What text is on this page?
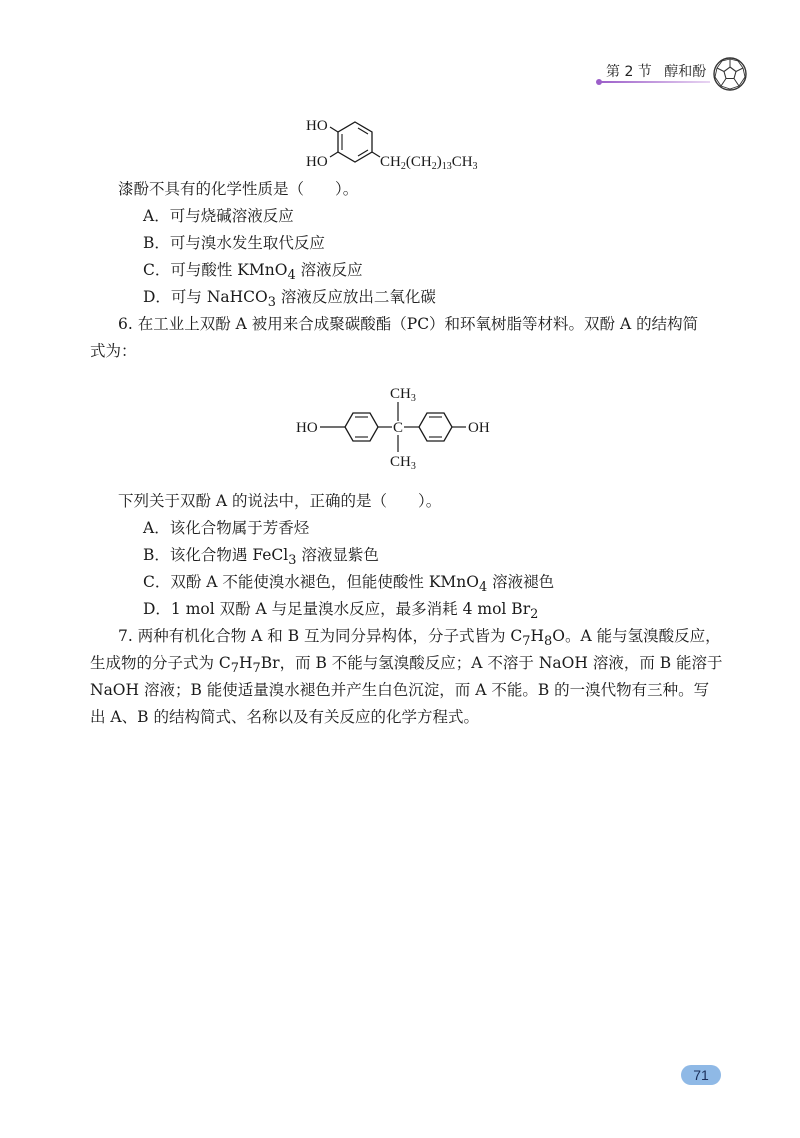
第 2 节 醇和酚
HO
HO	$CH_2(CH_2)_{13}CH_3$
漆酚不具有的化学性质是（　　）。
A．可与烧碱溶液反应
B．可与溴水发生取代反应
C．可与酸性 KMnO$_4$ 溶液反应
D．可与 NaHCO$_3$ 溶液反应放出二氧化碳
6. 在工业上双酚 A 被用来合成聚碳酸酯（PC）和环氧树脂等材料。双酚 A 的结构简
式为：
$CH_3$
C
$CH_3$
HO	OH
下列关于双酚 A 的说法中，正确的是（　　）。
A．该化合物属于芳香烃
B．该化合物遇 FeCl$_3$ 溶液显紫色
C．双酚 A 不能使溴水褪色，但能使酸性 KMnO$_4$ 溶液褪色
D．1 mol 双酚 A 与足量溴水反应，最多消耗 4 mol $Br_2$
7. 两种有机化合物 A 和 B 互为同分异构体，分子式皆为 $C_7H_8O$。A 能与氢溴酸反应，
生成物的分子式为 $C_7H_7Br$，而 B 不能与氢溴酸反应；A 不溶于 NaOH 溶液，而 B 能溶于
NaOH 溶液；B 能使适量溴水褪色并产生白色沉淀，而 A 不能。B 的一溴代物有三种。写
出 A、B 的结构简式、名称以及有关反应的化学方程式。
71
